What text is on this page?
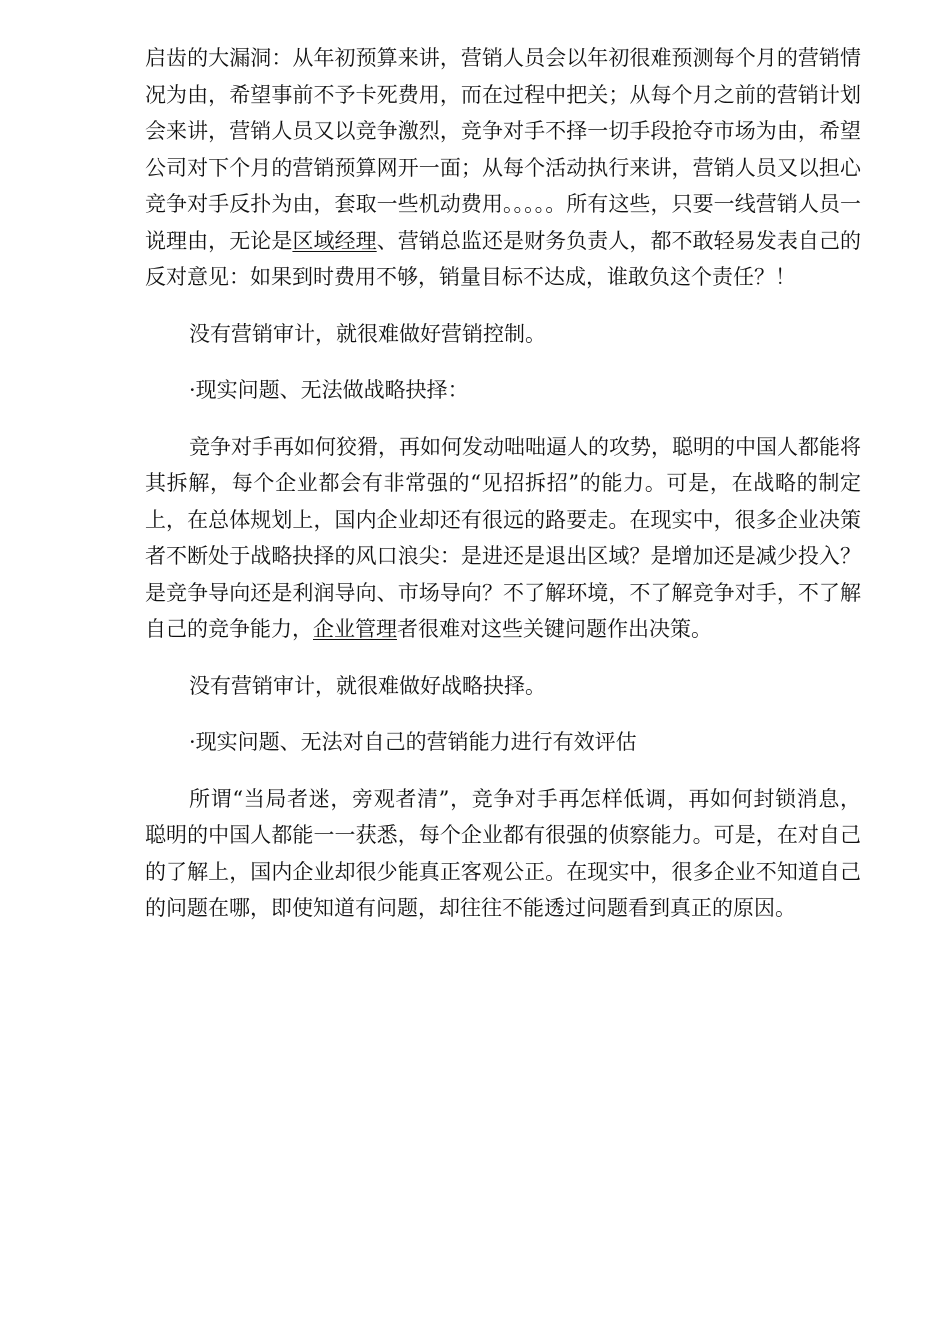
启齿的大漏洞：从年初预算来讲，营销人员会以年初很难预测每个月的营销情况为由，希望事前不予卡死费用，而在过程中把关；从每个月之前的营销计划会来讲，营销人员又以竞争激烈，竞争对手不择一切手段抢夺市场为由，希望公司对下个月的营销预算网开一面；从每个活动执行来讲，营销人员又以担心竞争对手反扑为由，套取一些机动费用。。。。。所有这些，只要一线营销人员一说理由，无论是区域经理、营销总监还是财务负责人，都不敢轻易发表自己的反对意见：如果到时费用不够，销量目标不达成，谁敢负这个责任？！

没有营销审计，就很难做好营销控制。

·现实问题、无法做战略抉择：

竞争对手再如何狡猾，再如何发动咄咄逼人的攻势，聪明的中国人都能将其拆解，每个企业都会有非常强的“见招拆招”的能力。可是，在战略的制定上，在总体规划上，国内企业却还有很远的路要走。在现实中，很多企业决策者不断处于战略抉择的风口浪尖：是进还是退出区域？是增加还是减少投入？是竞争导向还是利润导向、市场导向？不了解环境，不了解竞争对手，不了解自己的竞争能力，企业管理者很难对这些关键问题作出决策。

没有营销审计，就很难做好战略抉择。

·现实问题、无法对自己的营销能力进行有效评估

所谓“当局者迷，旁观者清”，竞争对手再怎样低调，再如何封锁消息，聪明的中国人都能一一获悉，每个企业都有很强的侦察能力。可是，在对自己的了解上，国内企业却很少能真正客观公正。在现实中，很多企业不知道自己的问题在哪，即使知道有问题，却往往不能透过问题看到真正的原因。
